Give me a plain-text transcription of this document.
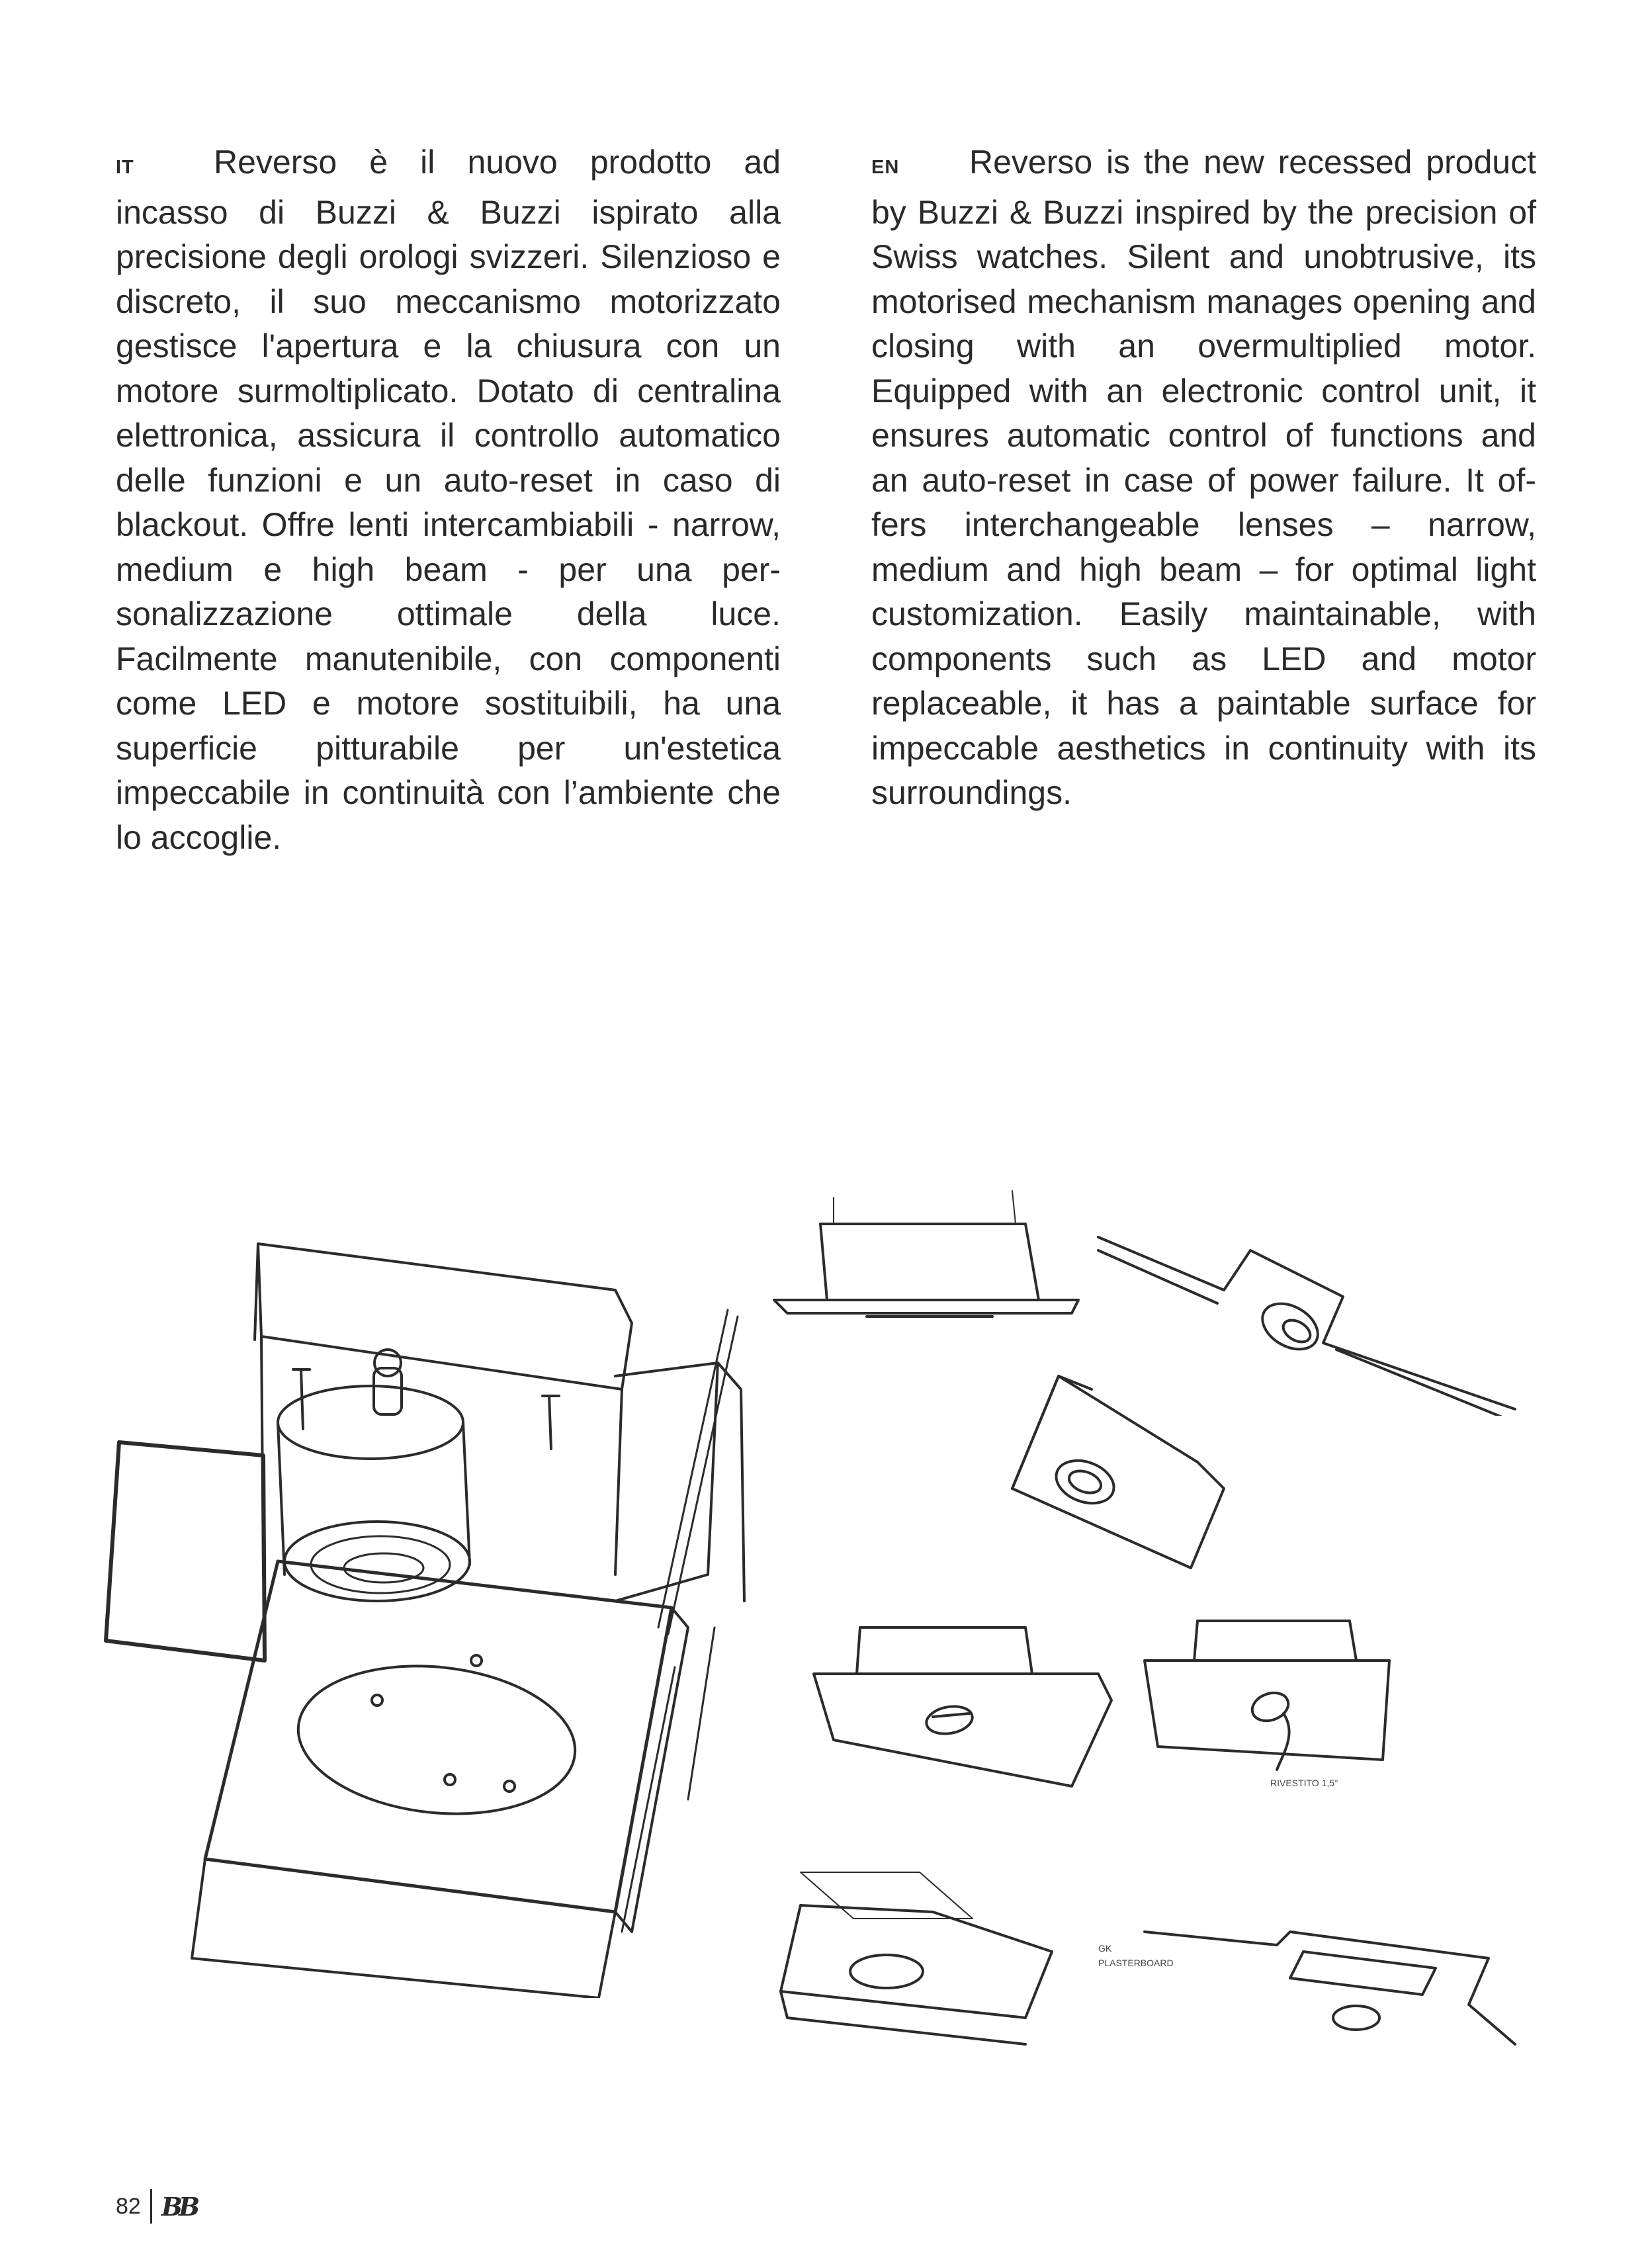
IT Reverso è il nuovo prodotto ad incasso di Buzzi & Buzzi ispirato alla precisione degli orologi svizzeri. Silenzioso e discreto, il suo meccanismo motorizzato gestisce l'apertura e la chiusura con un motore surmoltiplicato. Dotato di centralina elettronica, assicura il controllo automatico delle funzioni e un auto-reset in caso di blackout. Offre lenti intercambiabili - narrow, medium e high beam - per una personalizzazione ottimale della luce. Facilmente manutenibile, con componenti come LED e motore sostituibili, ha una superficie pitturabile per un'estetica impeccabile in continuità con l’ambiente che lo accoglie.
EN Reverso is the new recessed product by Buzzi & Buzzi inspired by the precision of Swiss watches. Silent and unobtrusive, its motorised mechanism manages opening and closing with an overmultiplied motor. Equipped with an electronic control unit, it ensures automatic control of functions and an auto-reset in case of power failure. It offers interchangeable lenses – narrow, medium and high beam – for optimal light customization. Easily maintainable, with components such as LED and motor replaceable, it has a paintable surface for impeccable aesthetics in continuity with its surroundings.
RIVESTITO 1,5°
GK
PLASTERBOARD
82 BB
